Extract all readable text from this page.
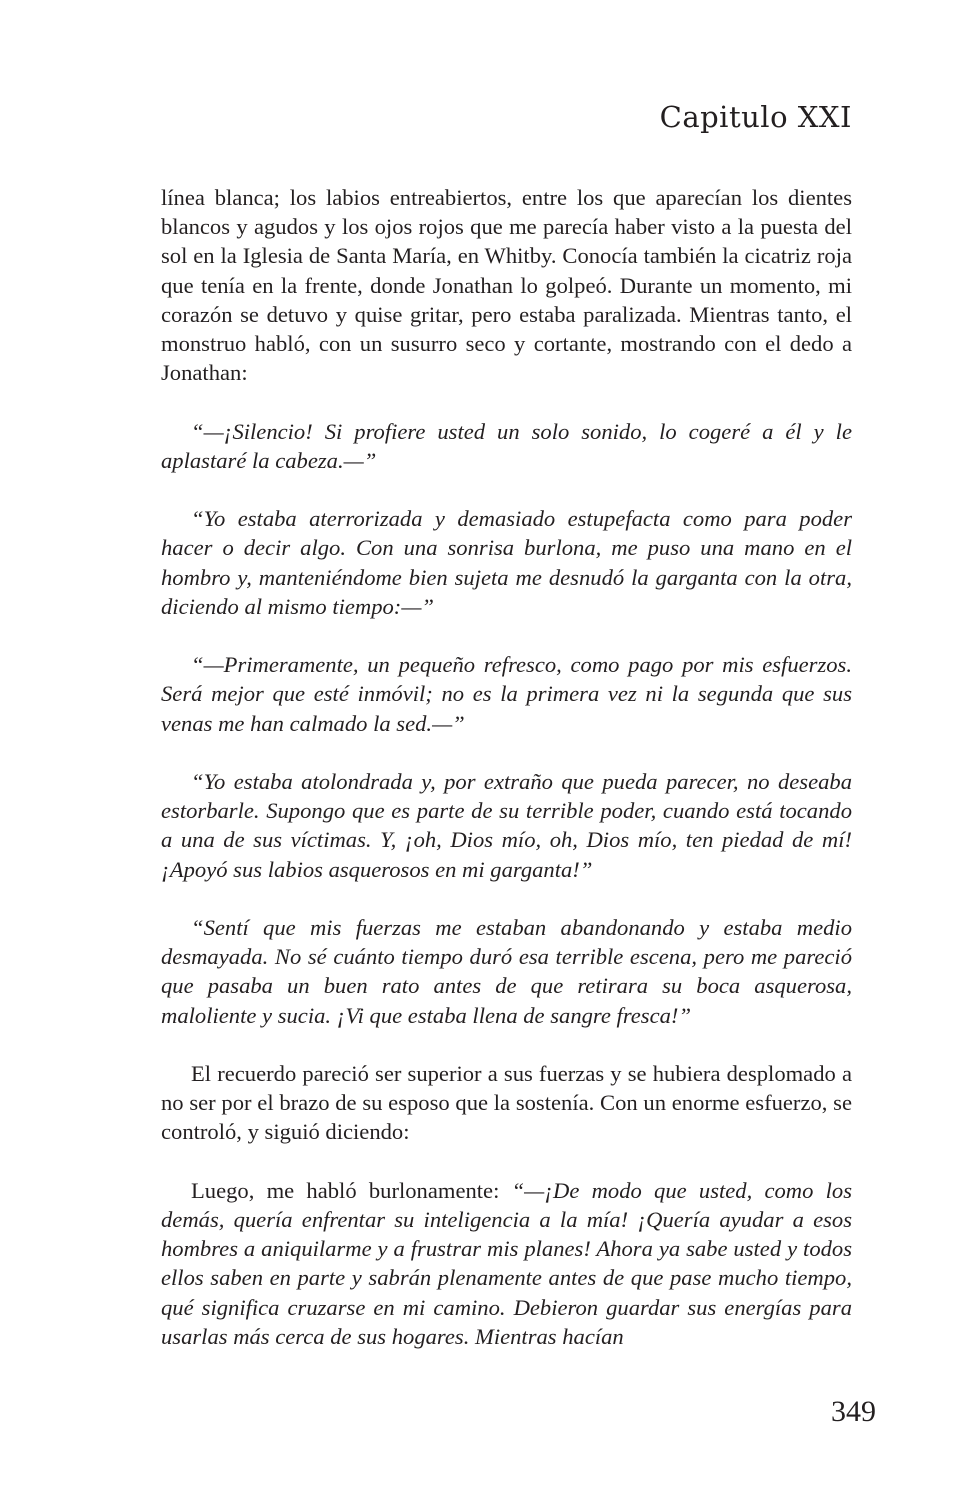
Capitulo XXI

línea blanca; los labios entreabiertos, entre los que aparecían los dientes blancos y agudos y los ojos rojos que me parecía haber visto a la puesta del sol en la Iglesia de Santa María, en Whitby. Conocía también la cicatriz roja que tenía en la frente, donde Jonathan lo golpeó. Durante un momento, mi corazón se detuvo y quise gritar, pero estaba paralizada. Mientras tanto, el monstruo habló, con un susurro seco y cortante, mostrando con el dedo a Jonathan:

“—¡Silencio! Si profiere usted un solo sonido, lo cogeré a él y le aplastaré la cabeza.—”

“Yo estaba aterrorizada y demasiado estupefacta como para poder hacer o decir algo. Con una sonrisa burlona, me puso una mano en el hombro y, manteniéndome bien sujeta me desnudó la garganta con la otra, diciendo al mismo tiempo:—”

“—Primeramente, un pequeño refresco, como pago por mis esfuerzos. Será mejor que esté inmóvil; no es la primera vez ni la segunda que sus venas me han calmado la sed.—”

“Yo estaba atolondrada y, por extraño que pueda parecer, no deseaba estorbarle. Supongo que es parte de su terrible poder, cuando está tocando a una de sus víctimas. Y, ¡oh, Dios mío, oh, Dios mío, ten piedad de mí! ¡Apoyó sus labios asquerosos en mi garganta!”

“Sentí que mis fuerzas me estaban abandonando y estaba medio desmayada. No sé cuánto tiempo duró esa terrible escena, pero me pareció que pasaba un buen rato antes de que retirara su boca asquerosa, maloliente y sucia. ¡Vi que estaba llena de sangre fresca!”

El recuerdo pareció ser superior a sus fuerzas y se hubiera desplomado a no ser por el brazo de su esposo que la sostenía. Con un enorme esfuerzo, se controló, y siguió diciendo:

Luego, me habló burlonamente: “—¡De modo que usted, como los demás, quería enfrentar su inteligencia a la mía! ¡Quería ayudar a esos hombres a aniquilarme y a frustrar mis planes! Ahora ya sabe usted y todos ellos saben en parte y sabrán plenamente antes de que pase mucho tiempo, qué significa cruzarse en mi camino. Debieron guardar sus energías para usarlas más cerca de sus hogares. Mientras hacían

349
